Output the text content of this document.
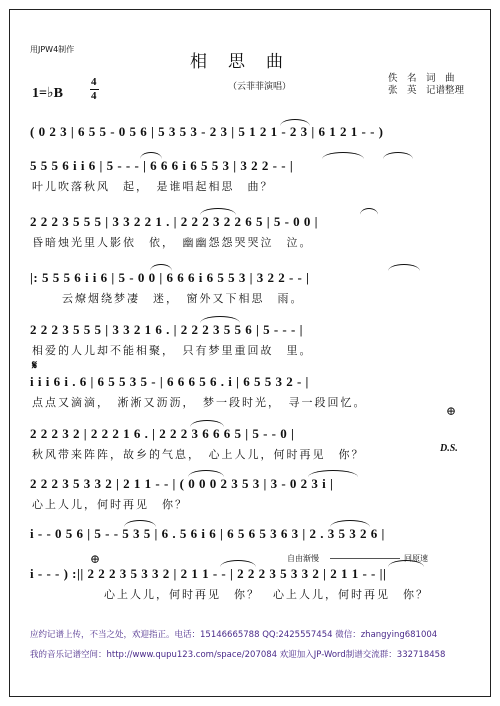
用JPW4制作
相　思　曲
（云菲菲演唱）
佚　名　词　曲
张　英　记谱整理
1=♭B
4
4
( 0 2 3 | 6 5 5 - 0 5 6 | 5 3 5 3 - 2 3 | 5 1 2 1 - 2 3 | 6 1 2 1 - - )
5 5 5 6 i i 6 | 5 - - - | 6 6 6 i 6 5 5 3 | 3 2 2 - - |
叶儿吹落秋风　起，　是谁唱起相思　曲？
2 2 2 3 5 5 5 | 3 3 2 2 1 . | 2 2 2 3 2 2 6 5 | 5 - 0 0 |
昏暗烛光里人影依　依，　幽幽怨怨哭哭泣　泣。
|: 5 5 5 6 i i 6 | 5 - 0 0 | 6 6 6 i 6 5 5 3 | 3 2 2 - - |
云燎烟绕梦凄　迷，　窗外又下相思　雨。
2 2 2 3 5 5 5 | 3 3 2 1 6 . | 2 2 2 3 5 5 6 | 5 - - - |
相爱的人儿却不能相聚，　只有梦里重回故　里。
𝄋
i i i 6 i . 6 | 6 5 5 3 5 - | 6 6 6 5 6 . i | 6 5 5 3 2 - |
点点又滴滴，　淅淅又沥沥，　梦一段时光，　寻一段回忆。
⊕
2 2 2 3 2 | 2 2 2 1 6 . | 2 2 2 3 6 6 6 5 | 5 - - 0 |
秋风带来阵阵，故乡的气息，　心上人儿，何时再见　你？	D.S.
2 2 2 3 5 3 3 2 | 2 1 1 - - | ( 0 0 0 2 3 5 3 | 3 - 0 2 3 i |
心上人儿，何时再见　你？
i - - 0 5 6 | 5 - - 5 3 5 | 6 . 5 6 i 6 | 6 5 6 5 3 6 3 | 2 . 3 5 3 2 6 |
⊕	自由渐慢	回原速
i - - - ) :|| 2 2 2 3 5 3 3 2 | 2 1 1 - - | 2 2 2 3 5 3 3 2 | 2 1 1 - - ||
心上人儿，何时再见　你？　心上人儿，何时再见　你？
应约记谱上传，不当之处，欢迎指正。电话：15146665788 QQ:2425557454 微信：zhangying681004
我的音乐记谱空间：http://www.qupu123.com/space/207084 欢迎加入JP-Word制谱交流群：332718458
